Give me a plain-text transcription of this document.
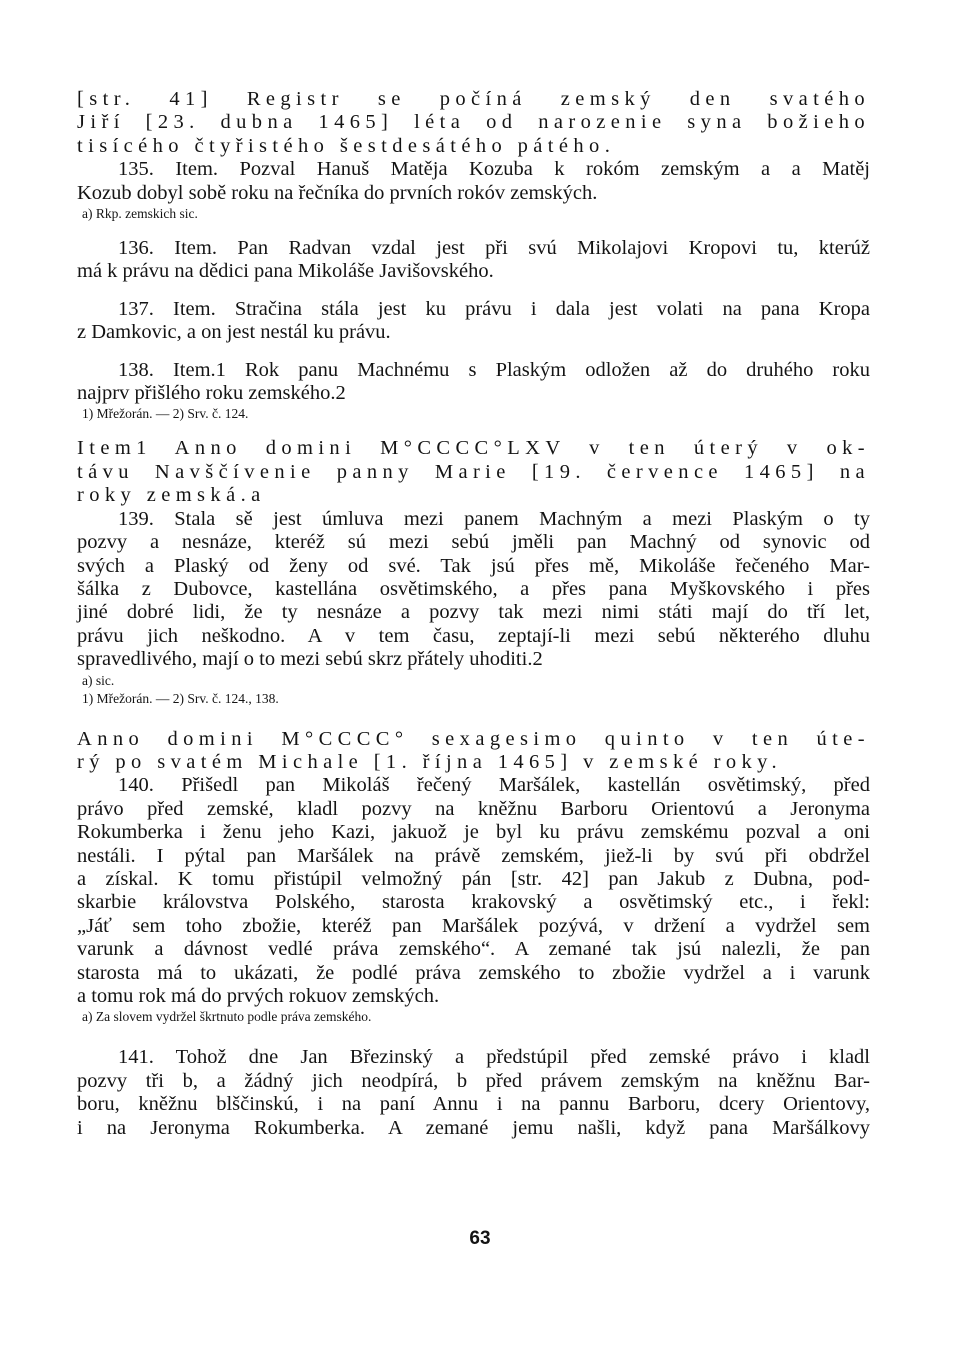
[str. 41] Registr se počíná zemský den svatého
Jiří [23. dubna 1465] léta od narozenie syna božieho
tisícého čtyřistého šestdesátého pátého.
135. Item. Pozval Hanuš Matěja Kozuba k rokóm zemským a a Matěj
Kozub dobyl sobě roku na řečníka do prvních rokóv zemských.
a) Rkp. zemskich sic.
136. Item. Pan Radvan vzdal jest při svú Mikolajovi Kropovi tu, kterúž
má k právu na dědici pana Mikoláše Javišovského.
137. Item. Stračina stála jest ku právu i dala jest volati na pana Kropa
z Damkovic, a on jest nestál ku právu.
138. Item.1 Rok panu Machnému s Plaským odložen až do druhého roku
najprv přišlého roku zemského.2
1) Mřežorán. — 2) Srv. č. 124.
Item1 Anno domini M°CCCC°LXV v ten úterý v ok-
távu Navščívenie panny Marie [19. července 1465] na
roky zemská.a
139. Stala sě jest úmluva mezi panem Machným a mezi Plaským o ty
pozvy a nesnáze, kteréž sú mezi sebú jměli pan Machný od synovic od
svých a Plaský od ženy od své. Tak jsú přes mě, Mikoláše řečeného Mar-
šálka z Dubovce, kastellána osvětimského, a přes pana Myškovského i přes
jiné dobré lidi, že ty nesnáze a pozvy tak mezi nimi státi mají do tří let,
právu jich neškodno. A v tem času, zeptají-li mezi sebú některého dluhu
spravedlivého, mají o to mezi sebú skrz přátely uhoditi.2
a) sic.
1) Mřežorán. — 2) Srv. č. 124., 138.
Anno domini M°CCCC° sexagesimo quinto v ten úte-
rý po svatém Michale [1. října 1465] v zemské roky.
140. Přišedl pan Mikoláš řečený Maršálek, kastellán osvětimský, před
právo před zemské, kladl pozvy na kněžnu Barboru Orientovú a Jeronyma
Rokumberka i ženu jeho Kazi, jakuož je byl ku právu zemskému pozval a oni
nestáli. I pýtal pan Maršálek na právě zemském, jiež-li by svú při obdržel
a získal. K tomu přistúpil velmožný pán [str. 42] pan Jakub z Dubna, pod-
skarbie královstva Polského, starosta krakovský a osvětimský etc., i řekl:
„Jáť sem toho zbožie, kteréž pan Maršálek pozývá, v držení a vydržel sem
varunk a dávnost vedlé práva zemského“. A zemané tak jsú nalezli, že pan
starosta má to ukázati, že podlé práva zemského to zbožie vydržel a i varunk
a tomu rok má do prvých rokuov zemských.
a) Za slovem vydržel škrtnuto podle práva zemského.
141. Tohož dne Jan Březinský a předstúpil před zemské právo i kladl
pozvy tři b, a žádný jich neodpírá, b před právem zemským na kněžnu Bar-
boru, kněžnu blščinskú, i na paní Annu i na pannu Barboru, dcery Orientovy,
i na Jeronyma Rokumberka. A zemané jemu našli, když pana Maršálkovy
63
